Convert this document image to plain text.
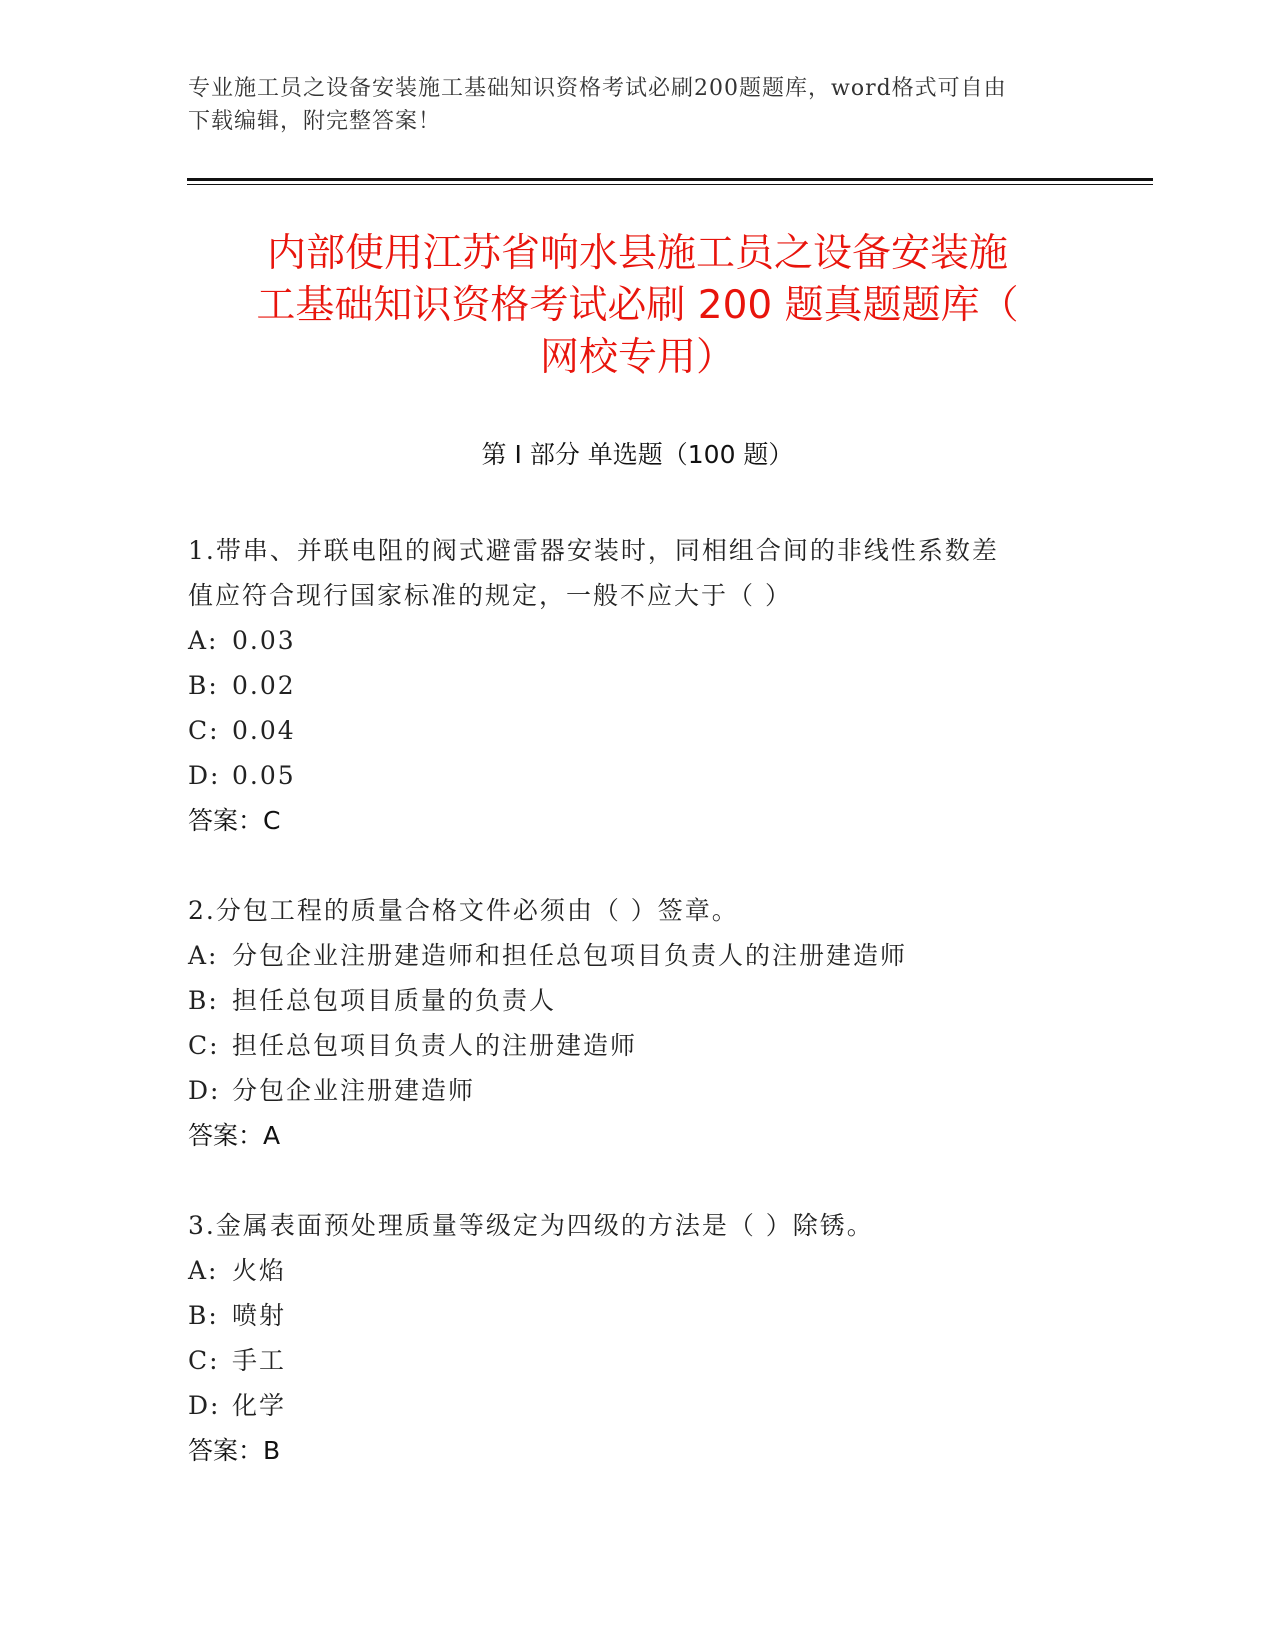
专业施工员之设备安装施工基础知识资格考试必刷200题题库，word格式可自由
下载编辑，附完整答案！
内部使用江苏省响水县施工员之设备安装施
工基础知识资格考试必刷 200 题真题题库（
网校专用）
第 I 部分 单选题（100 题）

1.带串、并联电阻的阀式避雷器安装时，同相组合间的非线性系数差
值应符合现行国家标准的规定，一般不应大于（ ）

A: 0.03

B: 0.02

C: 0.04

D: 0.05

答案：C

2.分包工程的质量合格文件必须由（ ）签章。

A: 分包企业注册建造师和担任总包项目负责人的注册建造师

B: 担任总包项目质量的负责人

C: 担任总包项目负责人的注册建造师

D: 分包企业注册建造师

答案：A

3.金属表面预处理质量等级定为四级的方法是（ ）除锈。

A: 火焰

B: 喷射

C: 手工

D: 化学

答案：B
